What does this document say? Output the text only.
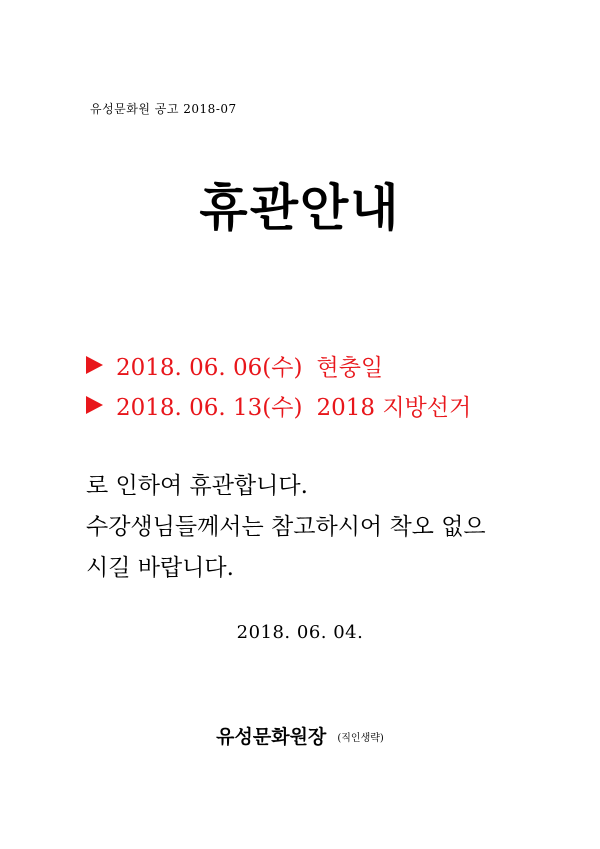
유성문화원 공고 2018-07
휴관안내
2018. 06. 06(수) 현충일
2018. 06. 13(수) 2018 지방선거
로 인하여 휴관합니다.
수강생님들께서는 참고하시어 착오 없으
시길 바랍니다.
2018. 06. 04.
유성문화원장 (직인생략)
